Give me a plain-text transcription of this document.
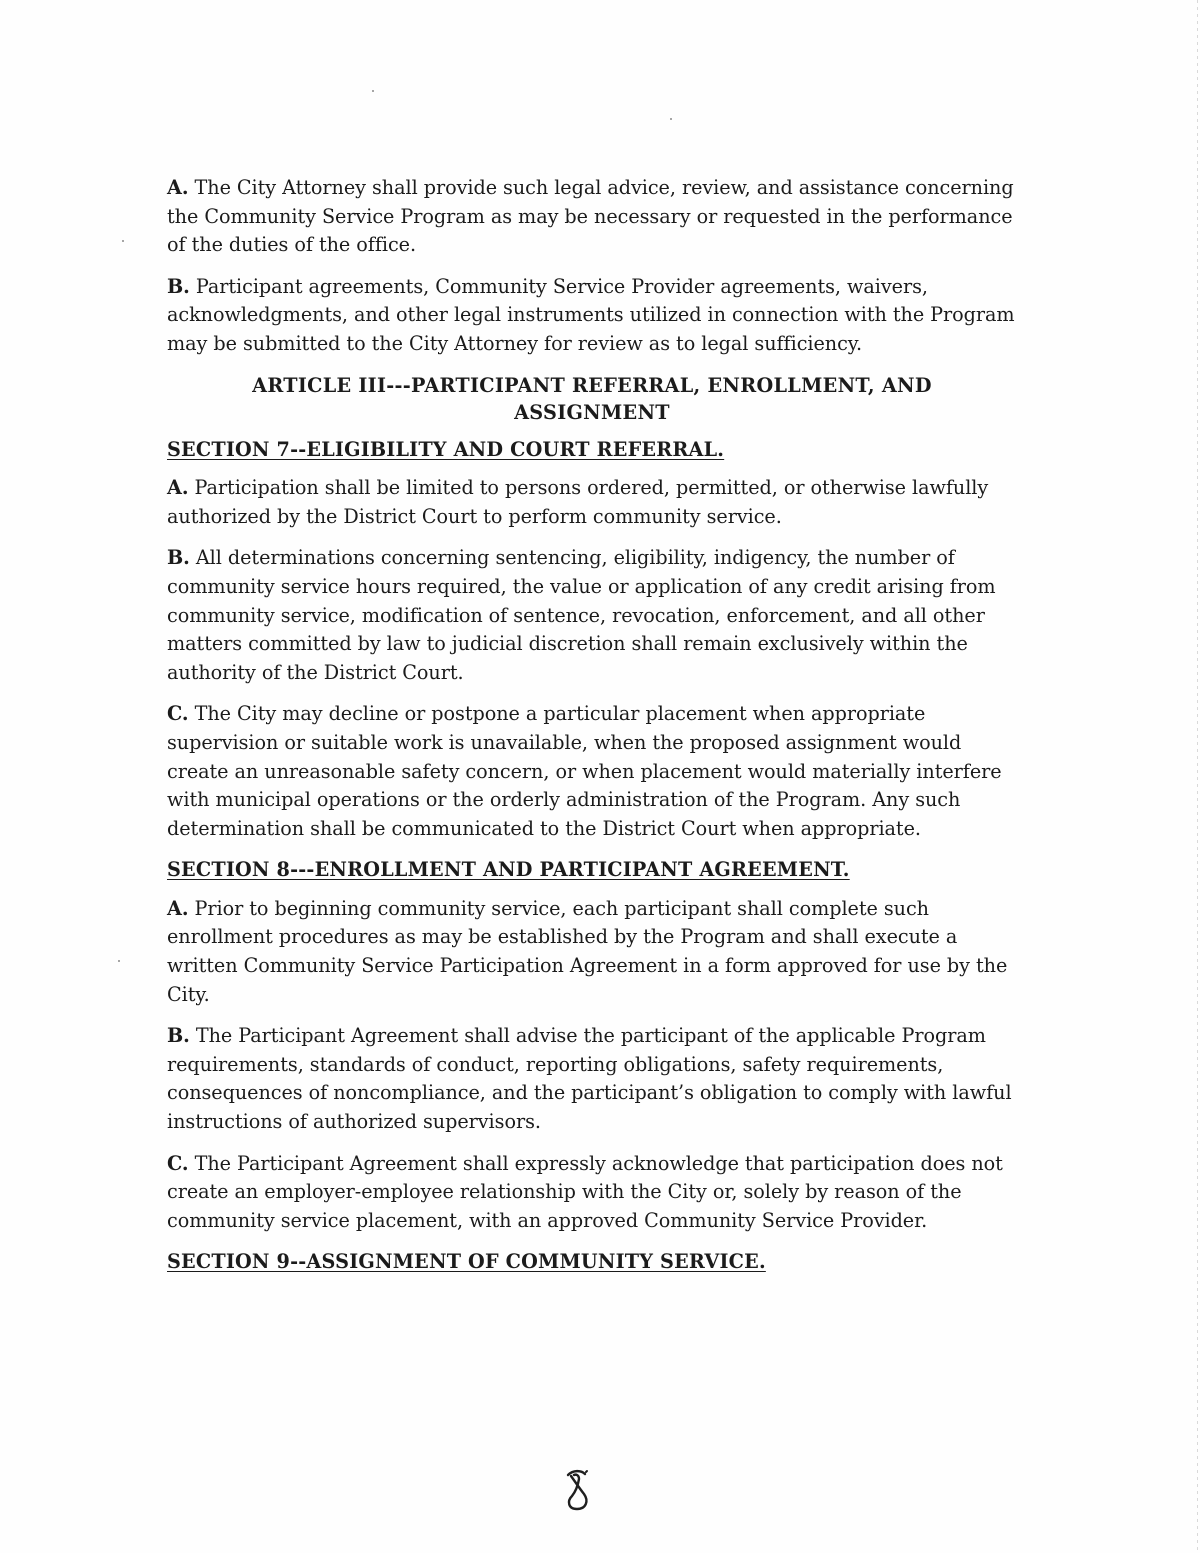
A. The City Attorney shall provide such legal advice, review, and assistance concerning the Community Service Program as may be necessary or requested in the performance of the duties of the office.

B. Participant agreements, Community Service Provider agreements, waivers, acknowledgments, and other legal instruments utilized in connection with the Program may be submitted to the City Attorney for review as to legal sufficiency.

ARTICLE III---PARTICIPANT REFERRAL, ENROLLMENT, AND ASSIGNMENT
SECTION 7--ELIGIBILITY AND COURT REFERRAL.

A. Participation shall be limited to persons ordered, permitted, or otherwise lawfully authorized by the District Court to perform community service.

B. All determinations concerning sentencing, eligibility, indigency, the number of community service hours required, the value or application of any credit arising from community service, modification of sentence, revocation, enforcement, and all other matters committed by law to judicial discretion shall remain exclusively within the authority of the District Court.

C. The City may decline or postpone a particular placement when appropriate supervision or suitable work is unavailable, when the proposed assignment would create an unreasonable safety concern, or when placement would materially interfere with municipal operations or the orderly administration of the Program. Any such determination shall be communicated to the District Court when appropriate.

SECTION 8---ENROLLMENT AND PARTICIPANT AGREEMENT.

A. Prior to beginning community service, each participant shall complete such enrollment procedures as may be established by the Program and shall execute a written Community Service Participation Agreement in a form approved for use by the City.

B. The Participant Agreement shall advise the participant of the applicable Program requirements, standards of conduct, reporting obligations, safety requirements, consequences of noncompliance, and the participant’s obligation to comply with lawful instructions of authorized supervisors.

C. The Participant Agreement shall expressly acknowledge that participation does not create an employer-employee relationship with the City or, solely by reason of the community service placement, with an approved Community Service Provider.

SECTION 9--ASSIGNMENT OF COMMUNITY SERVICE.
